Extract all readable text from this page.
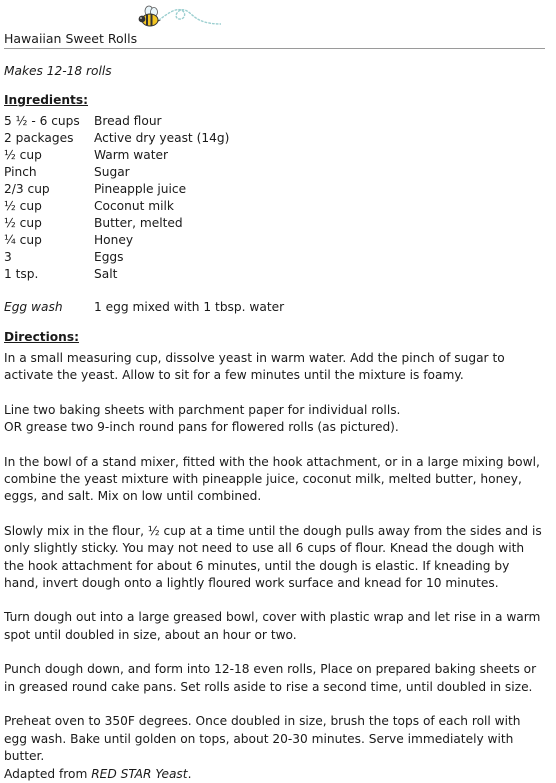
Hawaiian Sweet Rolls
Makes 12-18 rolls
Ingredients:
5 ½ - 6 cups	Bread flour
2 packages	Active dry yeast (14g)
½ cup	Warm water
Pinch	Sugar
2/3 cup	Pineapple juice
½ cup	Coconut milk
½ cup	Butter, melted
¼ cup	Honey
3	Eggs
1 tsp.	Salt
Egg wash	1 egg mixed with 1 tbsp. water
Directions:

In a small measuring cup, dissolve yeast in warm water. Add the pinch of sugar to activate the yeast. Allow to sit for a few minutes until the mixture is foamy.

Line two baking sheets with parchment paper for individual rolls.
OR grease two 9-inch round pans for flowered rolls (as pictured).

In the bowl of a stand mixer, fitted with the hook attachment, or in a large mixing bowl, combine the yeast mixture with pineapple juice, coconut milk, melted butter, honey, eggs, and salt. Mix on low until combined.

Slowly mix in the flour, ½ cup at a time until the dough pulls away from the sides and is only slightly sticky. You may not need to use all 6 cups of flour. Knead the dough with the hook attachment for about 6 minutes, until the dough is elastic. If kneading by hand, invert dough onto a lightly floured work surface and knead for 10 minutes.

Turn dough out into a large greased bowl, cover with plastic wrap and let rise in a warm spot until doubled in size, about an hour or two.

Punch dough down, and form into 12-18 even rolls, Place on prepared baking sheets or in greased round cake pans. Set rolls aside to rise a second time, until doubled in size.

Preheat oven to 350F degrees. Once doubled in size, brush the tops of each roll with egg wash. Bake until golden on tops, about 20-30 minutes. Serve immediately with butter.

Adapted from RED STAR Yeast.
